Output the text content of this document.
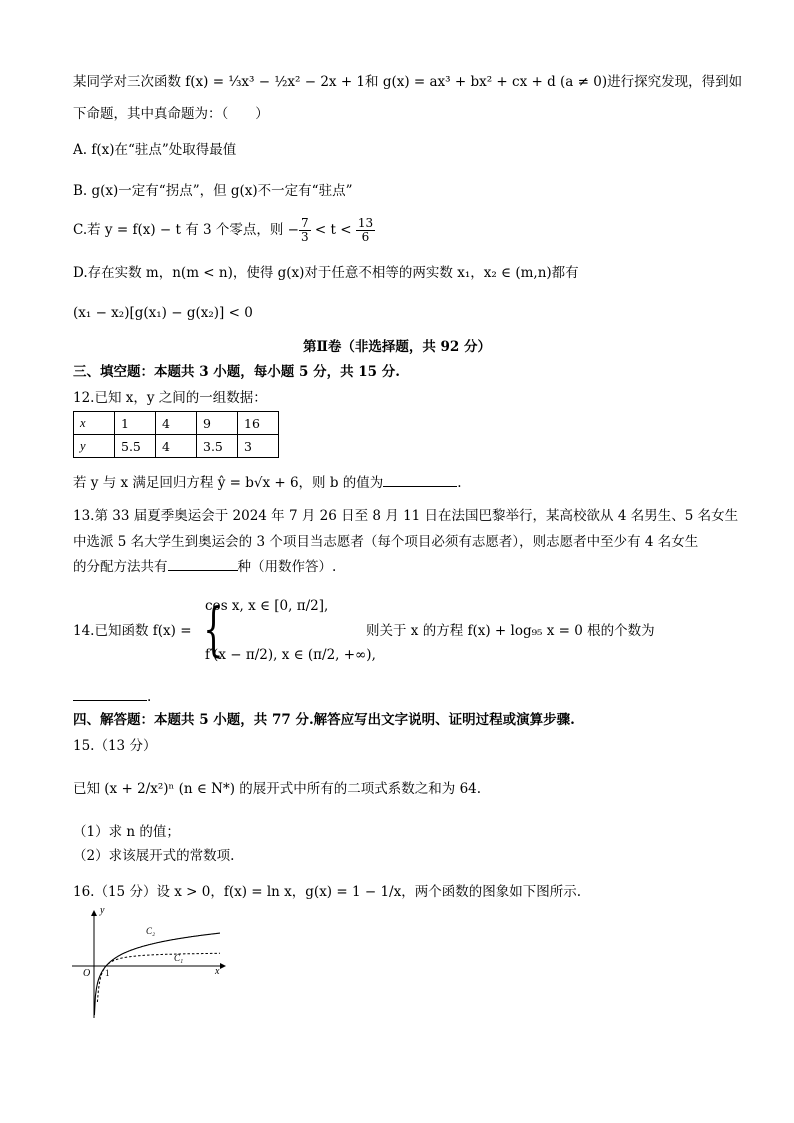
某同学对三次函数 f(x) = ⅓x³ − ½x² − 2x + 1和 g(x) = ax³ + bx² + cx + d (a ≠ 0)进行探究发现，得到如
下命题，其中真命题为：（　　）
A. f(x)在“驻点”处取得最值
B. g(x)一定有“拐点”，但 g(x)不一定有“驻点”
C.若 y = f(x) − t 有 3 个零点，则 − $\frac{7}{3} < t < \frac{13}{6}$
D.存在实数 m，n(m < n)，使得 g(x)对于任意不相等的两实数 x₁，x₂ ∈ (m,n)都有
(x₁ − x₂)[g(x₁) − g(x₂)] < 0
第Ⅱ卷（非选择题，共 92 分）
三、填空题：本题共 3 小题，每小题 5 分，共 15 分.
12.已知 x，y 之间的一组数据：
x	1	4	9	16
y	5.5	4	3.5	3
若 y 与 x 满足回归方程 ŷ = b√x + 6，则 b 的值为	.
13.第 33 届夏季奥运会于 2024 年 7 月 26 日至 8 月 11 日在法国巴黎举行，某高校欲从 4 名男生、5 名女生
中选派 5 名大学生到奥运会的 3 个项目当志愿者（每个项目必须有志愿者），则志愿者中至少有 4 名女生
的分配方法共有	种（用数作答）.
14.已知函数 f(x) = {
cos x, x ∈ [0, π/2],
f′(x − π/2), x ∈ (π/2, +∞),
则关于 x 的方程 f(x) + log₉₅ x = 0 根的个数为
.
四、解答题：本题共 5 小题，共 77 分.解答应写出文字说明、证明过程或演算步骤.
15.（13 分）
已知 (x + 2/x²)ⁿ (n ∈ N*) 的展开式中所有的二项式系数之和为 64.
（1）求 n 的值；
（2）求该展开式的常数项.
16.（15 分）设 x > 0，f(x) = ln x，g(x) = 1 − 1/x，两个函数的图象如下图所示.
y
x
O 1
C₂
C₁
